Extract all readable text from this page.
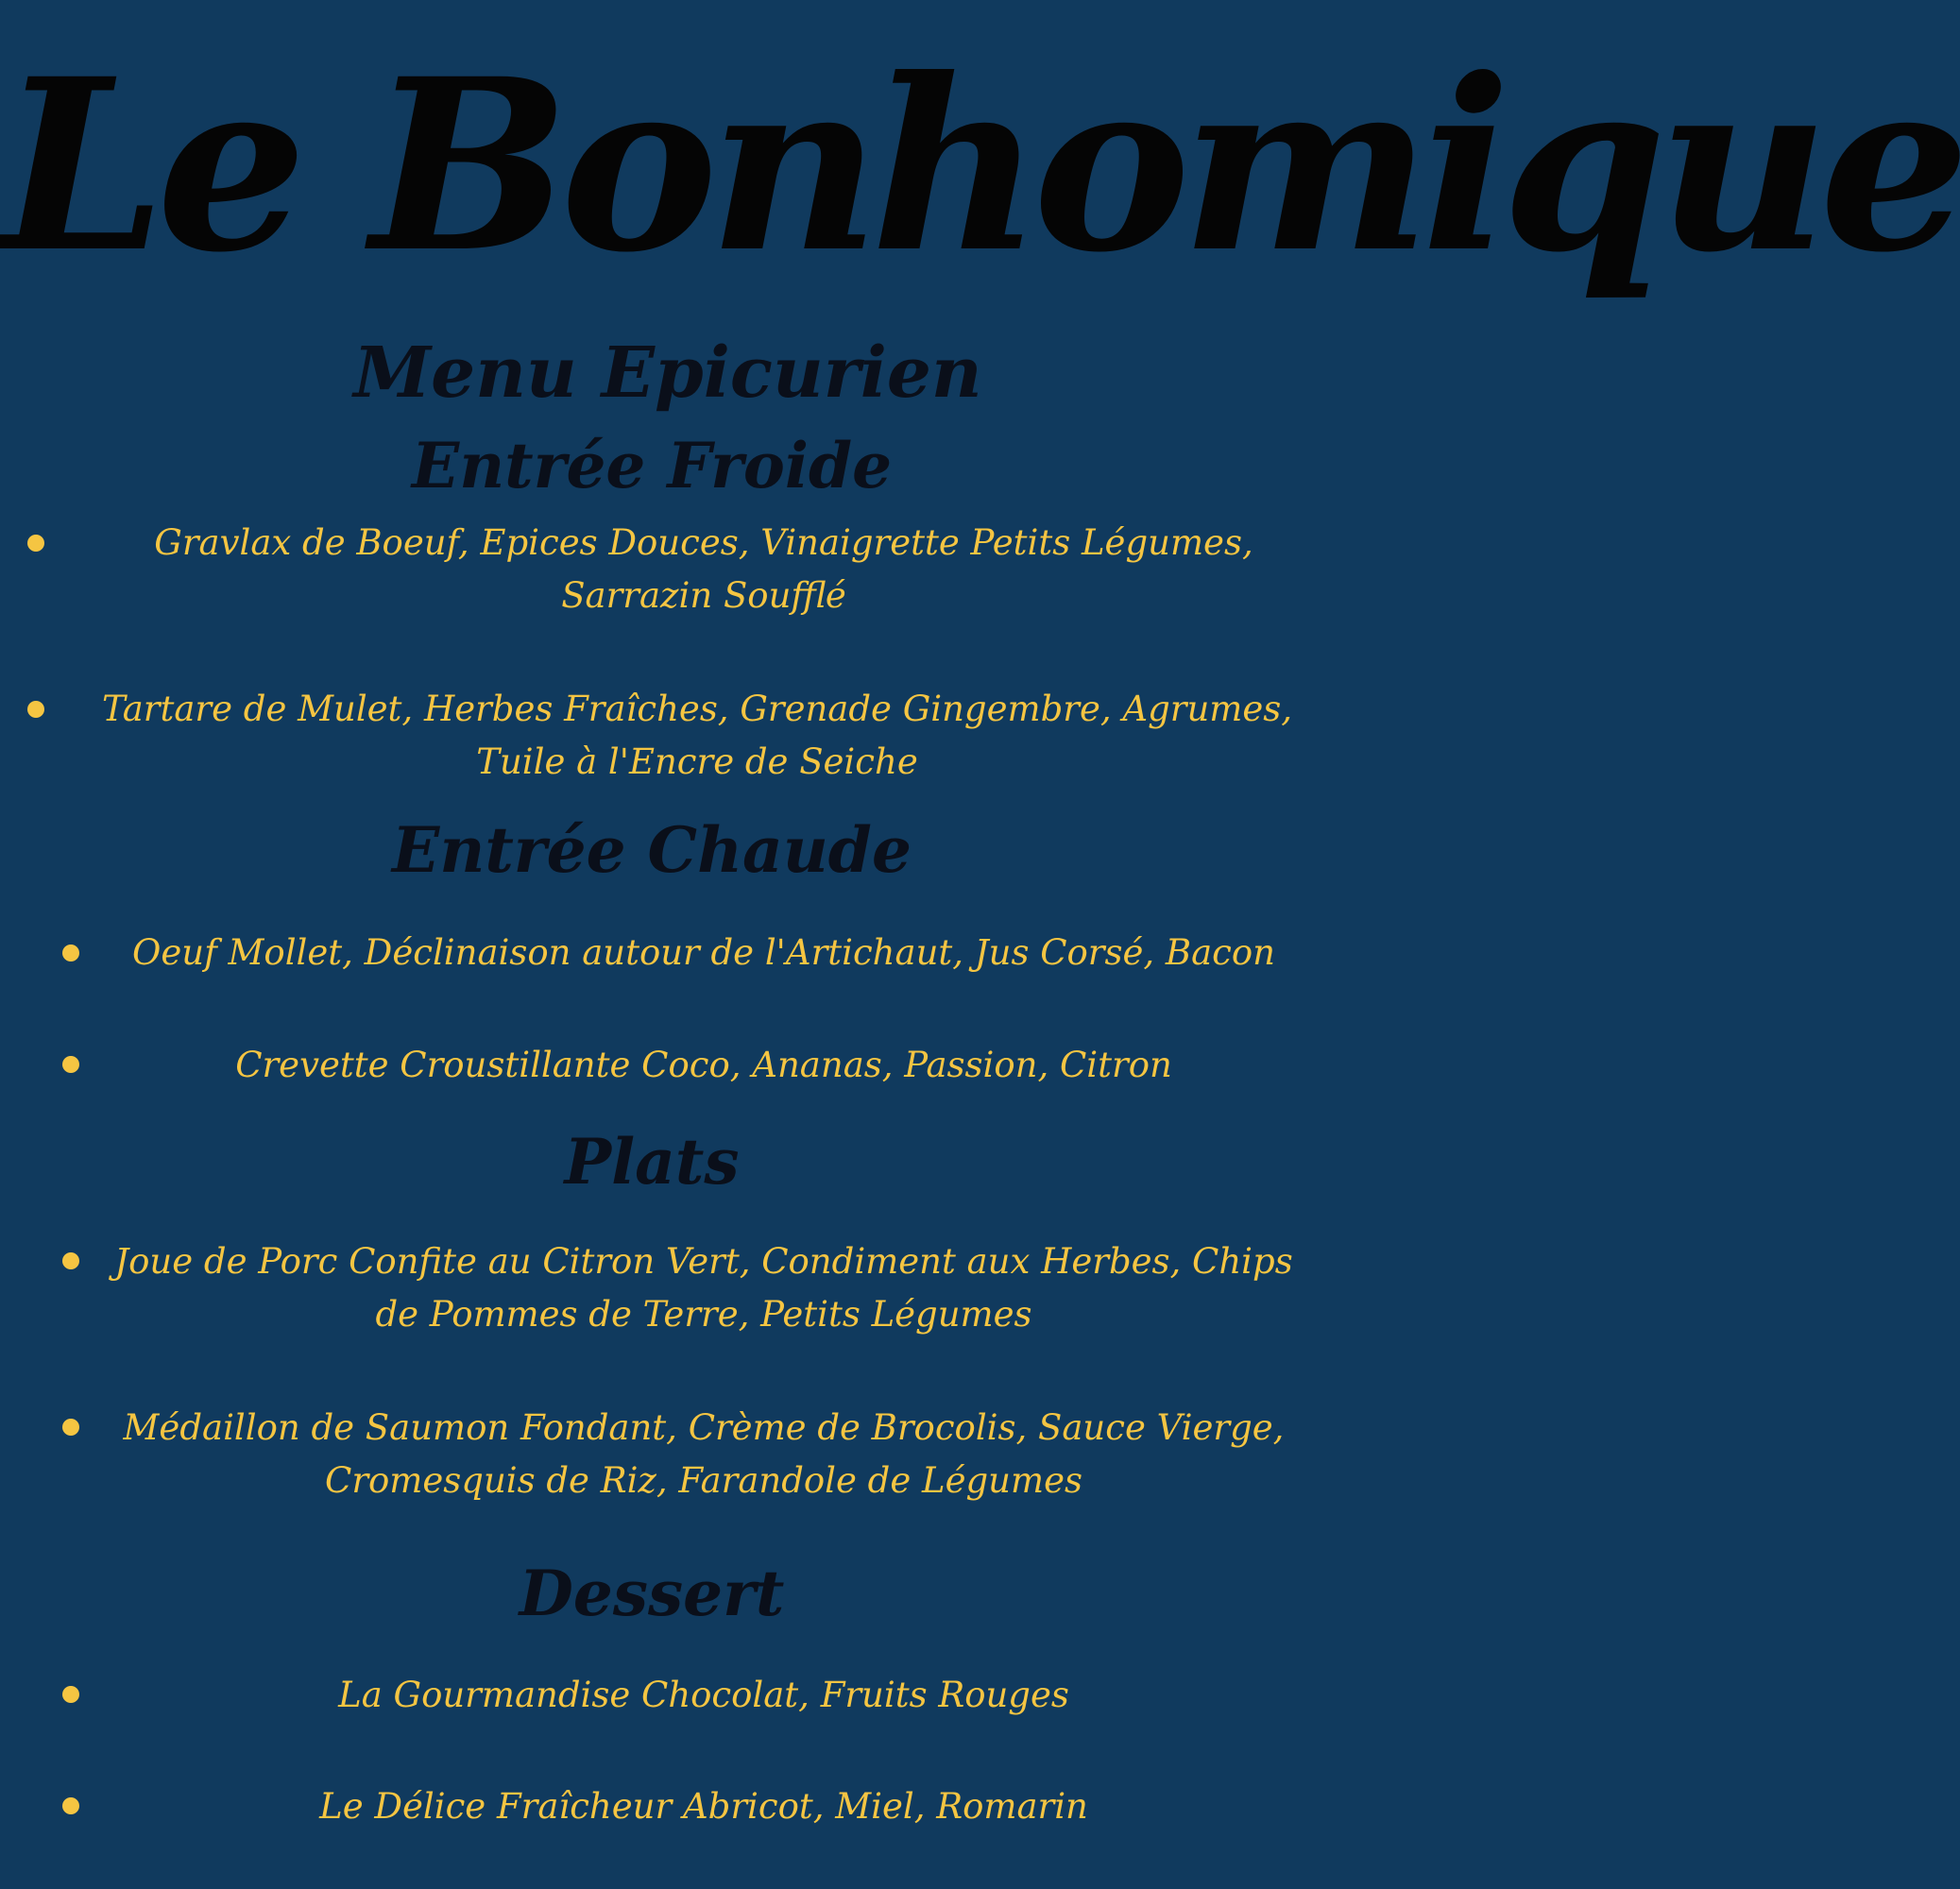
Le Bonhomique
Menu Epicurien
Entrée Froide

Gravlax de Boeuf, Epices Douces, Vinaigrette Petits Légumes, Sarrazin Soufflé

Tartare de Mulet, Herbes Fraîches, Grenade Gingembre, Agrumes, Tuile à l'Encre de Seiche

Entrée Chaude

Oeuf Mollet, Déclinaison autour de l'Artichaut, Jus Corsé, Bacon

Crevette Croustillante Coco, Ananas, Passion, Citron

Plats

Joue de Porc Confite au Citron Vert, Condiment aux Herbes, Chips de Pommes de Terre, Petits Légumes

Médaillon de Saumon Fondant, Crème de Brocolis, Sauce Vierge, Cromesquis de Riz, Farandole de Légumes

Dessert

La Gourmandise Chocolat, Fruits Rouges

Le Délice Fraîcheur Abricot, Miel, Romarin
